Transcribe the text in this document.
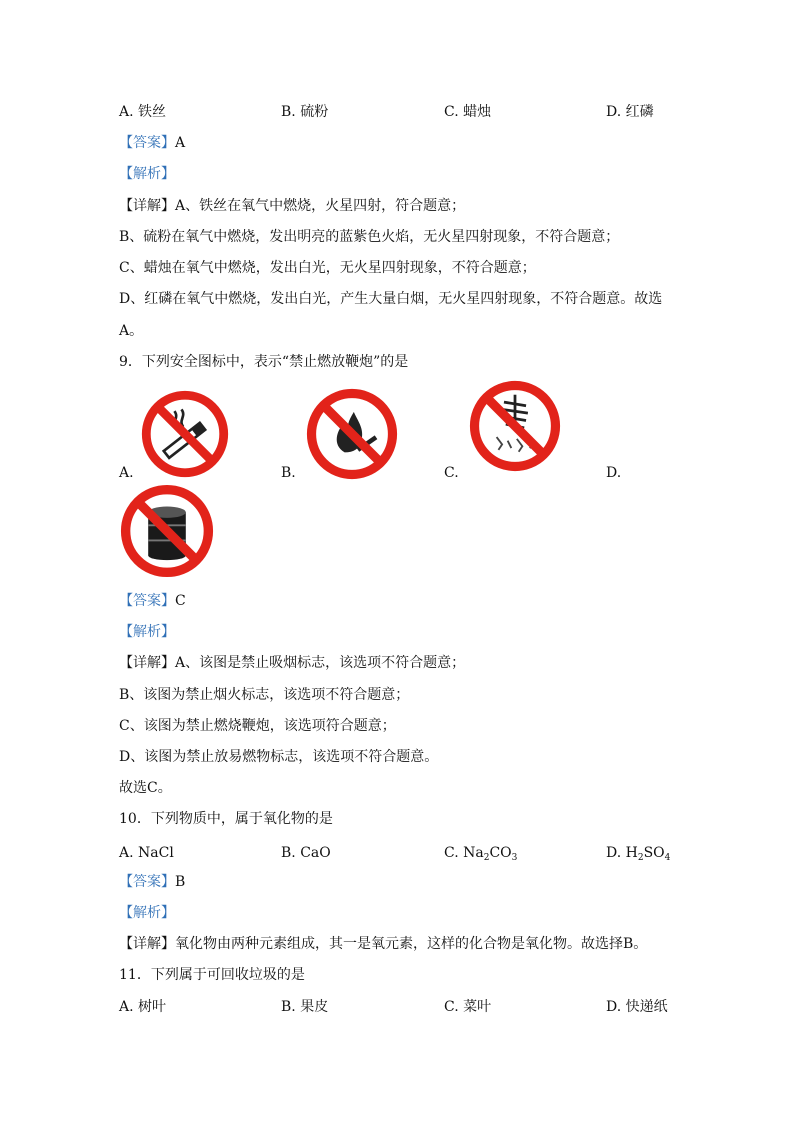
A. 铁丝	B. 硫粉	C. 蜡烛	D. 红磷
【答案】A
【解析】
【详解】A、铁丝在氧气中燃烧，火星四射，符合题意；
B、硫粉在氧气中燃烧，发出明亮的蓝紫色火焰，无火星四射现象，不符合题意；
C、蜡烛在氧气中燃烧，发出白光，无火星四射现象，不符合题意；
D、红磷在氧气中燃烧，发出白光，产生大量白烟，无火星四射现象，不符合题意。故选
A。
9．下列安全图标中，表示“禁止燃放鞭炮”的是
A.	B.	C.	D.
【答案】C
【解析】
【详解】A、该图是禁止吸烟标志，该选项不符合题意；
B、该图为禁止烟火标志，该选项不符合题意；
C、该图为禁止燃烧鞭炮，该选项符合题意；
D、该图为禁止放易燃物标志，该选项不符合题意。
故选C。
10．下列物质中，属于氧化物的是
A. NaCl	B. CaO	C. $Na_2CO_3$	D. $H_2SO_4$
【答案】B
【解析】
【详解】氧化物由两种元素组成，其一是氧元素，这样的化合物是氧化物。故选择B。
11．下列属于可回收垃圾的是
A. 树叶	B. 果皮	C. 菜叶	D. 快递纸
